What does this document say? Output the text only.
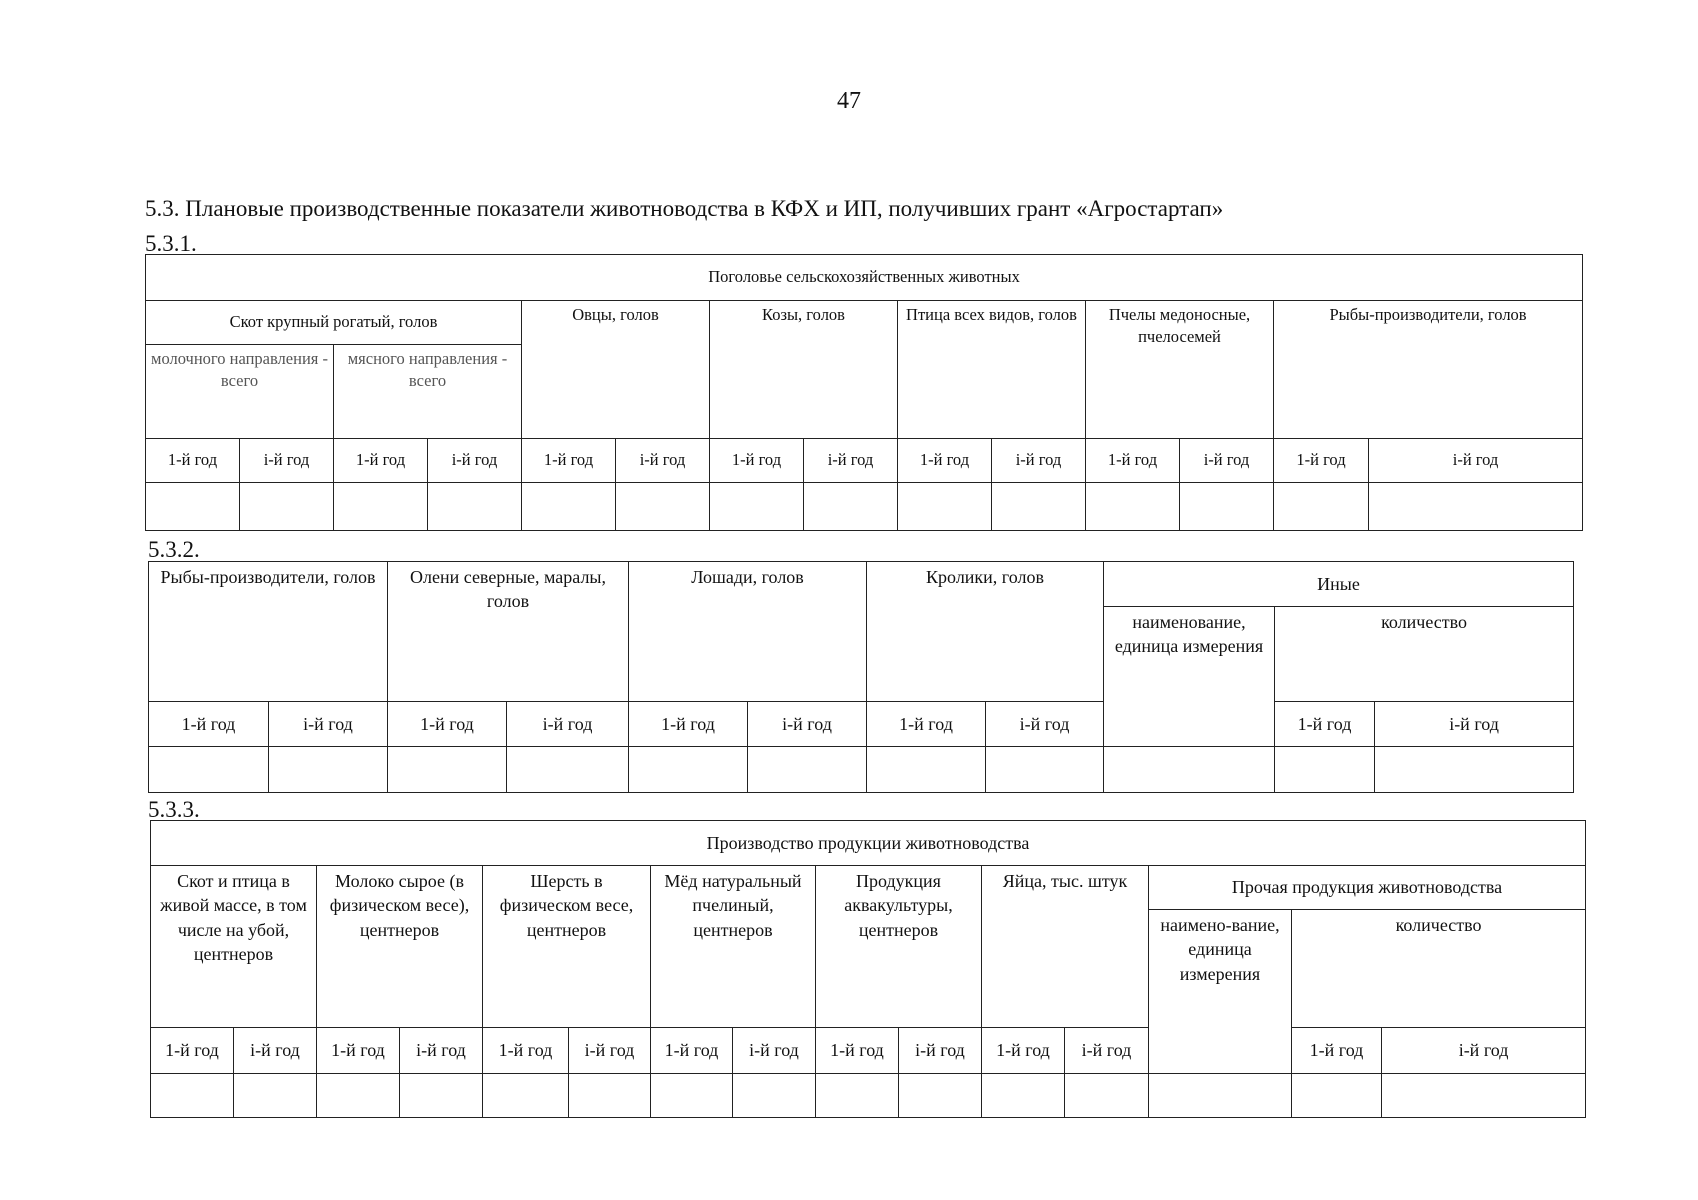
47
5.3. Плановые производственные показатели животноводства в КФХ и ИП, получивших грант «Агростартап»
5.3.1.
Поголовье сельскохозяйственных животных													
Скот крупный рогатый, голов				Овцы, голов		Козы, голов		Птица всех видов, голов		Пчелы медоносные, пчелосемей		Рыбы-производители, голов	
молочного направления - всего		мясного направления - всего											
1-й год	i-й год	1-й год	i-й год	1-й год	i-й год	1-й год	i-й год	1-й год	i-й год	1-й год	i-й год	1-й год	i-й год

5.3.2.
Рыбы-производители, голов		Олени северные, маралы, голов		Лошади, голов		Кролики, голов		Иные		
								наименование, единица измерения	количество	
1-й год	i-й год	1-й год	i-й год	1-й год	i-й год	1-й год	i-й год		1-й год	i-й год

5.3.3.
Производство продукции животноводства														
Скот и птица в живой массе, в том числе на убой, центнеров		Молоко сырое (в физическом весе), центнеров		Шерсть в физическом весе, центнеров		Мёд натуральный пчелиный, центнеров		Продукция аквакультуры, центнеров		Яйца, тыс. штук		Прочая продукция животноводства		
												наимено-вание, единица измерения	количество	
1-й год	i-й год	1-й год	i-й год	1-й год	i-й год	1-й год	i-й год	1-й год	i-й год	1-й год	i-й год		1-й год	i-й год
